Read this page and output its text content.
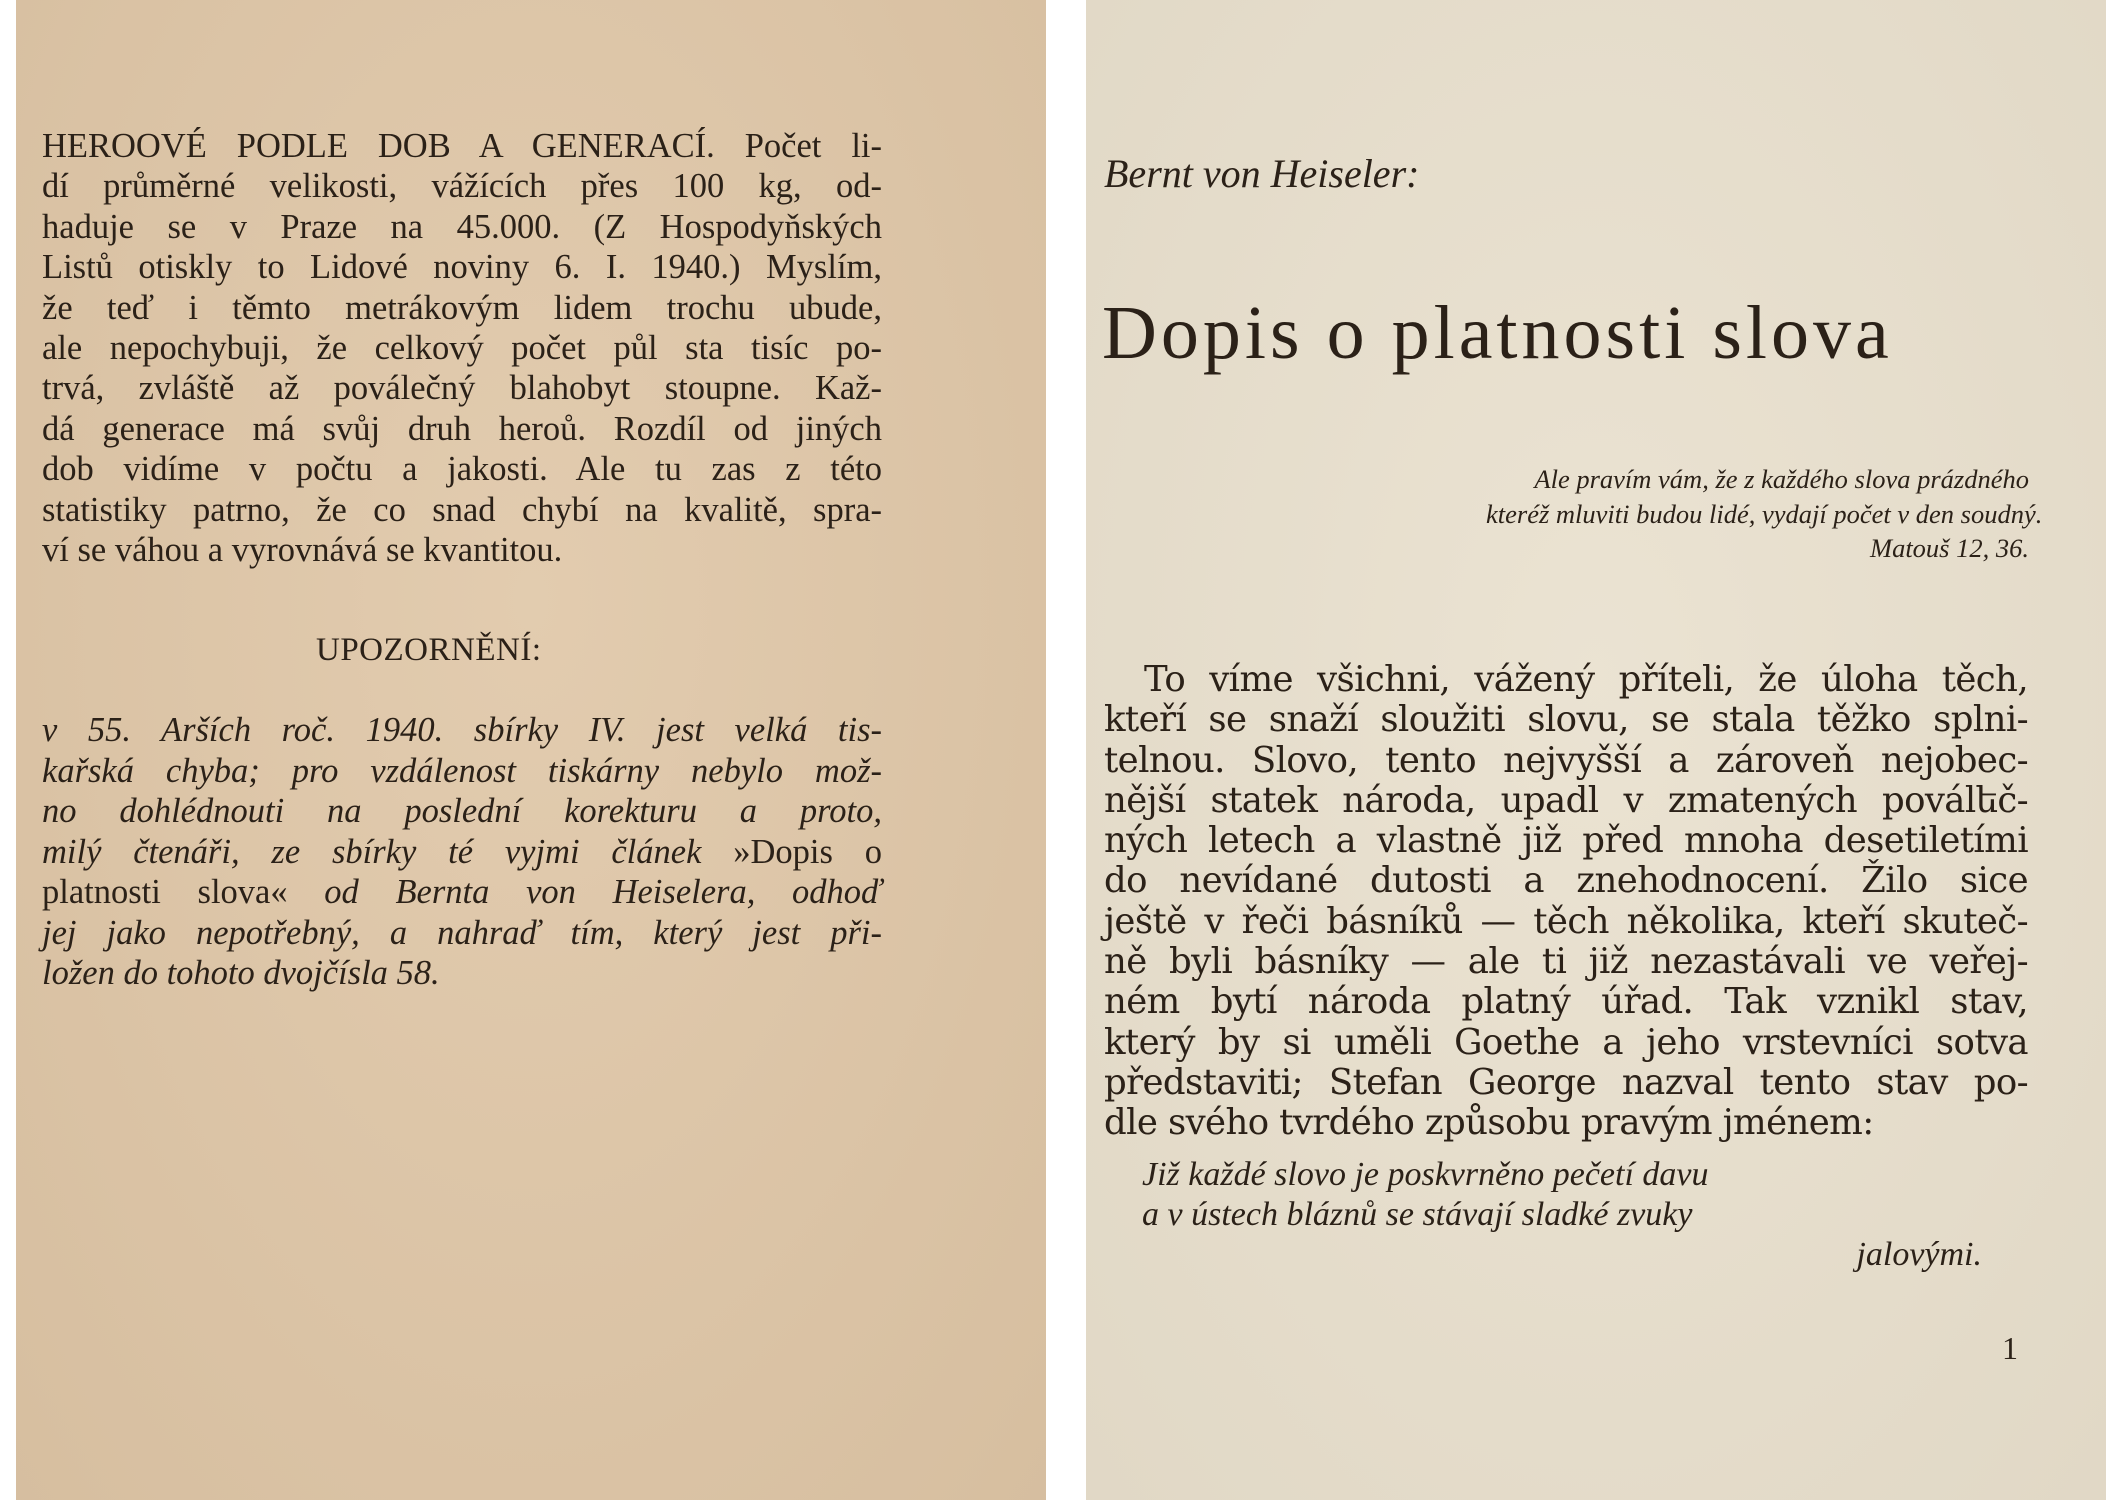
HEROOVÉ PODLE DOB A GENERACÍ. Počet li-
dí průměrné velikosti, vážících přes 100 kg, od-
haduje se v Praze na 45.000. (Z Hospodyňských
Listů otiskly to Lidové noviny 6. I. 1940.) Myslím,
že teď i těmto metrákovým lidem trochu ubude,
ale nepochybuji, že celkový počet půl sta tisíc po-
trvá, zvláště až poválečný blahobyt stoupne. Kaž-
dá generace má svůj druh heroů. Rozdíl od jiných
dob vidíme v počtu a jakosti. Ale tu zas z této
statistiky patrno, že co snad chybí na kvalitě, spra-
ví se váhou a vyrovnává se kvantitou.
UPOZORNĚNÍ:
v 55. Arších roč. 1940. sbírky IV. jest velká tis-
kařská chyba; pro vzdálenost tiskárny nebylo mož-
no dohlédnouti na poslední korekturu a proto,
milý čtenáři, ze sbírky té vyjmi článek »Dopis o
platnosti slova« od Bernta von Heiselera, odhoď
jej jako nepotřebný, a nahraď tím, který jest při-
ložen do tohoto dvojčísla 58.
Bernt von Heiseler:
Dopis o platnosti slova
Ale pravím vám, že z každého slova prázdného
kteréž mluviti budou lidé, vydají počet v den soudný.
Matouš 12, 36.
To víme všichni, vážený příteli, že úloha těch,
kteří se snaží sloužiti slovu, se stala těžko splni-
telnou. Slovo, tento nejvyšší a zároveň nejobec-
nější statek národa, upadl v zmatených poválեč-
ných letech a vlastně již před mnoha desetiletími
do nevídané dutosti a znehodnocení. Žilo sice
ještě v řeči básníků — těch několika, kteří skuteč-
ně byli básníky — ale ti již nezastávali ve veřej-
ném bytí národa platný úřad. Tak vznikl stav,
který by si uměli Goethe a jeho vrstevníci sotva
představiti; Stefan George nazval tento stav po-
dle svého tvrdého způsobu pravým jménem:
Již každé slovo je poskvrněno pečetí davu
a v ústech bláznů se stávají sladké zvuky
jalovými.
1
